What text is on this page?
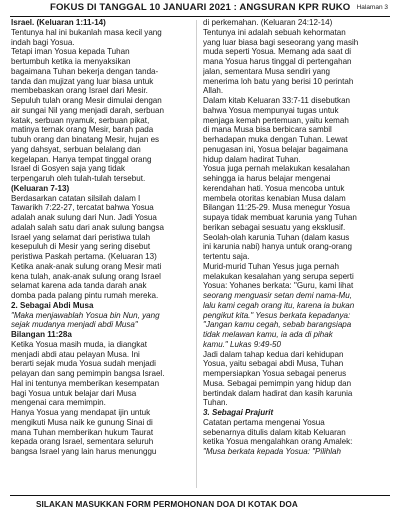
FOKUS DI TANGGAL 10 JANUARI 2021 : ANGSURAN KPR RUKO Halaman 3
Israel. (Keluaran 1:11-14)
Tentunya hal ini bukanlah masa kecil yang
indah bagi Yosua.
Tetapi iman Yosua kepada Tuhan
bertumbuh ketika ia menyaksikan
bagaimana Tuhan bekerja dengan tanda-
tanda dan mujizat yang luar biasa untuk
membebaskan orang Israel dari Mesir.
Sepuluh tulah orang Mesir dimulai dengan
air sungai Nil yang menjadi darah, serbuan
katak, serbuan nyamuk, serbuan pikat,
matinya ternak orang Mesir, barah pada
tubuh orang dan binatang Mesir, hujan es
yang dahsyat, serbuan belalang dan
kegelapan. Hanya tempat tinggal orang
Israel di Gosyen saja yang tidak
terpengaruh oleh tulah-tulah tersebut.
(Keluaran 7-13)
Berdasarkan catatan silsilah dalam I
Tawarikh 7:22-27, tercatat bahwa Yosua
adalah anak sulung dari Nun. Jadi Yosua
adalah salah satu dari anak sulung bangsa
Israel yang selamat dari peristiwa tulah
kesepuluh di Mesir yang sering disebut
peristiwa Paskah pertama. (Keluaran 13)
Ketika anak-anak sulung orang Mesir mati
kena tulah, anak-anak sulung orang Israel
selamat karena ada tanda darah anak
domba pada palang pintu rumah mereka.
2. Sebagai Abdi Musa
"Maka menjawablah Yosua bin Nun, yang
sejak mudanya menjadi abdi Musa"
Bilangan 11:28a
Ketika Yosua masih muda, ia diangkat
menjadi abdi atau pelayan Musa. Ini
berarti sejak muda Yosua sudah menjadi
pelayan dan sang pemimpin bangsa Israel.
Hal ini tentunya memberikan kesempatan
bagi Yosua untuk belajar dari Musa
mengenai cara memimpin.
Hanya Yosua yang mendapat ijin untuk
mengikuti Musa naik ke gunung Sinai di
mana Tuhan memberikan hukum Taurat
kepada orang Israel, sementara seluruh
bangsa Israel yang lain harus menunggu
di perkemahan. (Keluaran 24:12-14)
Tentunya ini adalah sebuah kehormatan
yang luar biasa bagi seseorang yang masih
muda seperti Yosua. Memang ada saat di
mana Yosua harus tinggal di pertengahan
jalan, sementara Musa sendiri yang
menerima loh batu yang berisi 10 perintah
Allah.
Dalam kitab Keluaran 33:7-11 disebutkan
bahwa Yosua mempunyai tugas untuk
menjaga kemah pertemuan, yaitu kemah
di mana Musa bisa berbicara sambil
berhadapan muka dengan Tuhan. Lewat
penugasan ini, Yosua belajar bagaimana
hidup dalam hadirat Tuhan.
Yosua juga pernah melakukan kesalahan
sehingga ia harus belajar mengenai
kerendahan hati. Yosua mencoba untuk
membela otoritas kenabian Musa dalam
Bilangan 11:25-29. Musa menegur Yosua
supaya tidak membuat karunia yang Tuhan
berikan sebagai sesuatu yang eksklusif.
Seolah-olah karunia Tuhan (dalam kasus
ini karunia nabi) hanya untuk orang-orang
tertentu saja.
Murid-murid Tuhan Yesus juga pernah
melakukan kesalahan yang serupa seperti
Yosua: Yohanes berkata: "Guru, kami lihat
seorang menguasir setan demi nama-Mu,
lalu kami cegah orang itu, karena ia bukan
pengikut kita." Yesus berkata kepadanya:
"Jangan kamu cegah, sebab barangsiapa
tidak melawan kamu, ia ada di pihak
kamu." Lukas 9:49-50
Jadi dalam tahap kedua dari kehidupan
Yosua, yaitu sebagai abdi Musa, Tuhan
mempersiapkan Yosua sebagai penerus
Musa. Sebagai pemimpin yang hidup dan
bertindak dalam hadirat dan kasih karunia
Tuhan.
3. Sebagai Prajurit
Catatan pertama mengenai Yosua
sebenarnya ditulis dalam kitab Keluaran
ketika Yosua mengalahkan orang Amalek:
"Musa berkata kepada Yosua: "Pilihlah
SILAKAN MASUKKAN FORM PERMOHONAN DOA DI KOTAK DOA
